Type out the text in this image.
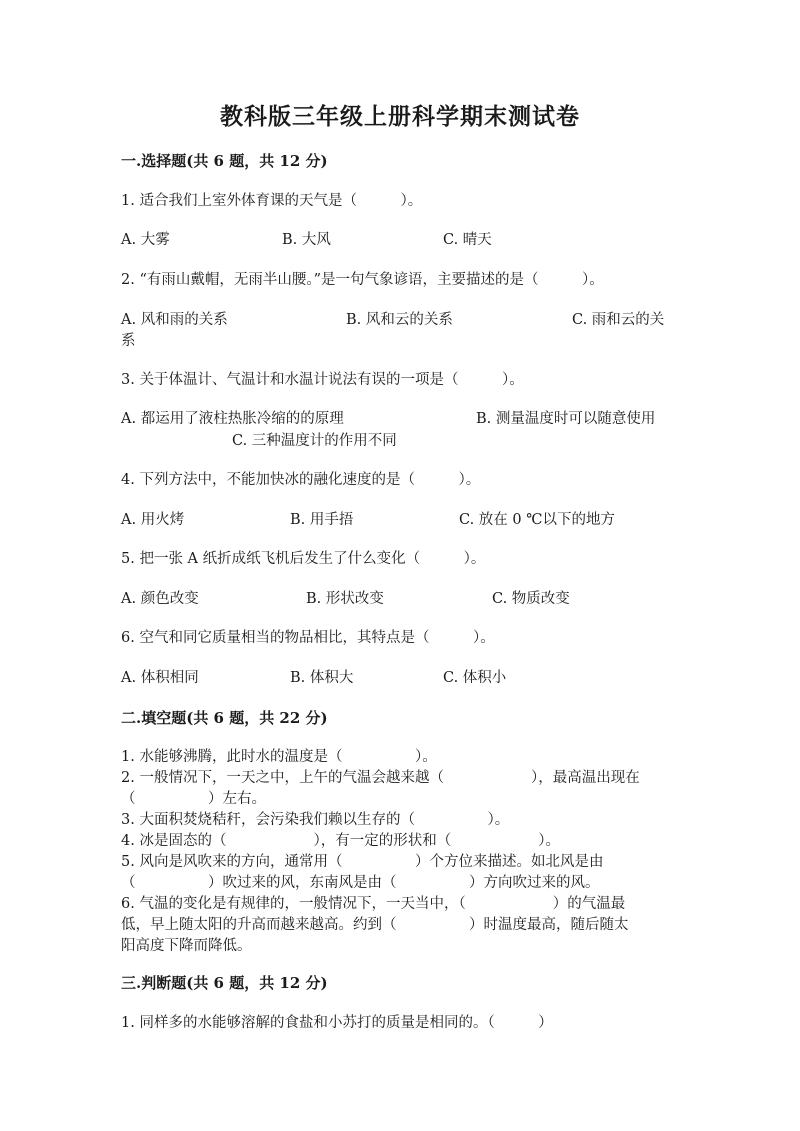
教科版三年级上册科学期末测试卷
一.选择题(共 6 题，共 12 分)
1. 适合我们上室外体育课的天气是（　　　）。
A. 大雾	B. 大风	C. 晴天
2. “有雨山戴帽，无雨半山腰。”是一句气象谚语，主要描述的是（　　　）。
A. 风和雨的关系	B. 风和云的关系	C. 雨和云的关
系
3. 关于体温计、气温计和水温计说法有误的一项是（　　　）。
A. 都运用了液柱热胀冷缩的的原理	B. 测量温度时可以随意使用
C. 三种温度计的作用不同
4. 下列方法中，不能加快冰的融化速度的是（　　　）。
A. 用火烤	B. 用手捂	C. 放在 0 ℃以下的地方
5. 把一张 A 纸折成纸飞机后发生了什么变化（　　　）。
A. 颜色改变	B. 形状改变	C. 物质改变
6. 空气和同它质量相当的物品相比，其特点是（　　　）。
A. 体积相同	B. 体积大	C. 体积小
二.填空题(共 6 题，共 22 分)
1. 水能够沸腾，此时水的温度是（　　　　　）。
2. 一般情况下，一天之中，上午的气温会越来越（　　　　　　），最高温出现在
（　　　　　）左右。
3. 大面积焚烧秸秆，会污染我们赖以生存的（　　　　　）。
4. 冰是固态的（　　　　　　），有一定的形状和（　　　　　　）。
5. 风向是风吹来的方向，通常用（　　　　　）个方位来描述。如北风是由
（　　　　　）吹过来的风，东南风是由（　　　　　）方向吹过来的风。
6. 气温的变化是有规律的，一般情况下，一天当中，（　　　　　　）的气温最
低，早上随太阳的升高而越来越高。约到（　　　　　）时温度最高，随后随太
阳高度下降而降低。
三.判断题(共 6 题，共 12 分)
1. 同样多的水能够溶解的食盐和小苏打的质量是相同的。（　　　）
